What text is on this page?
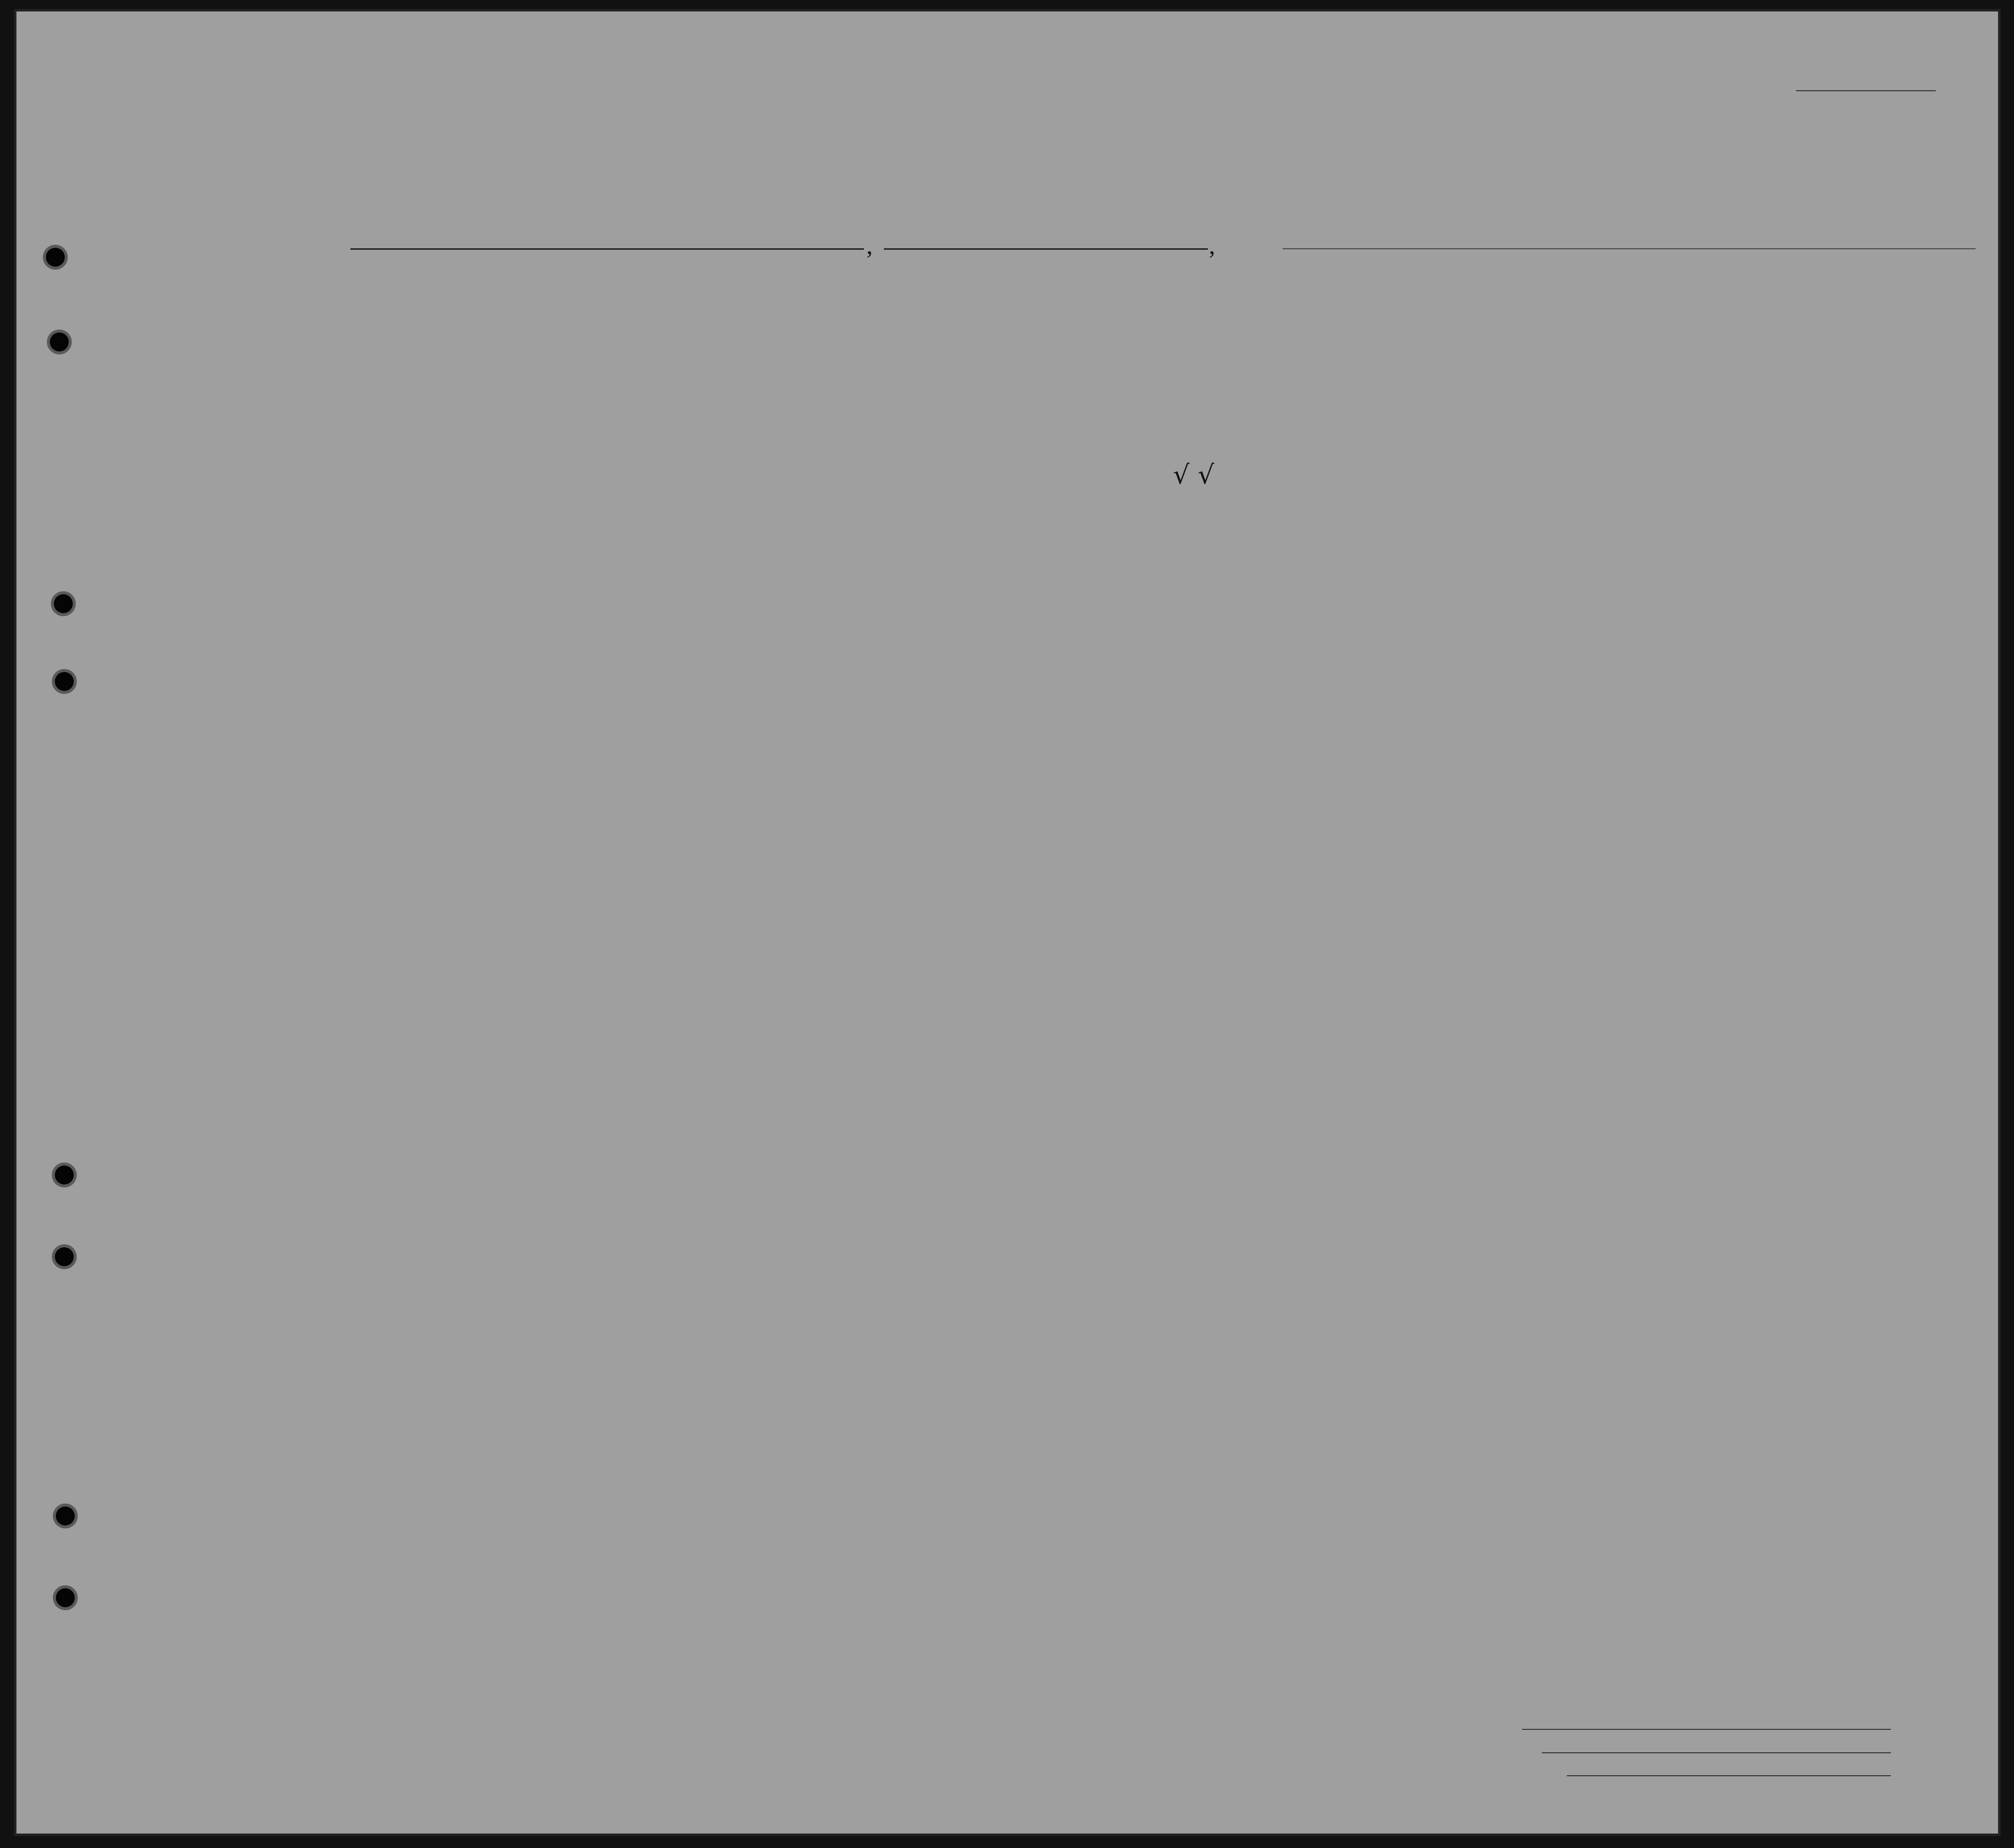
,	,
√ √
